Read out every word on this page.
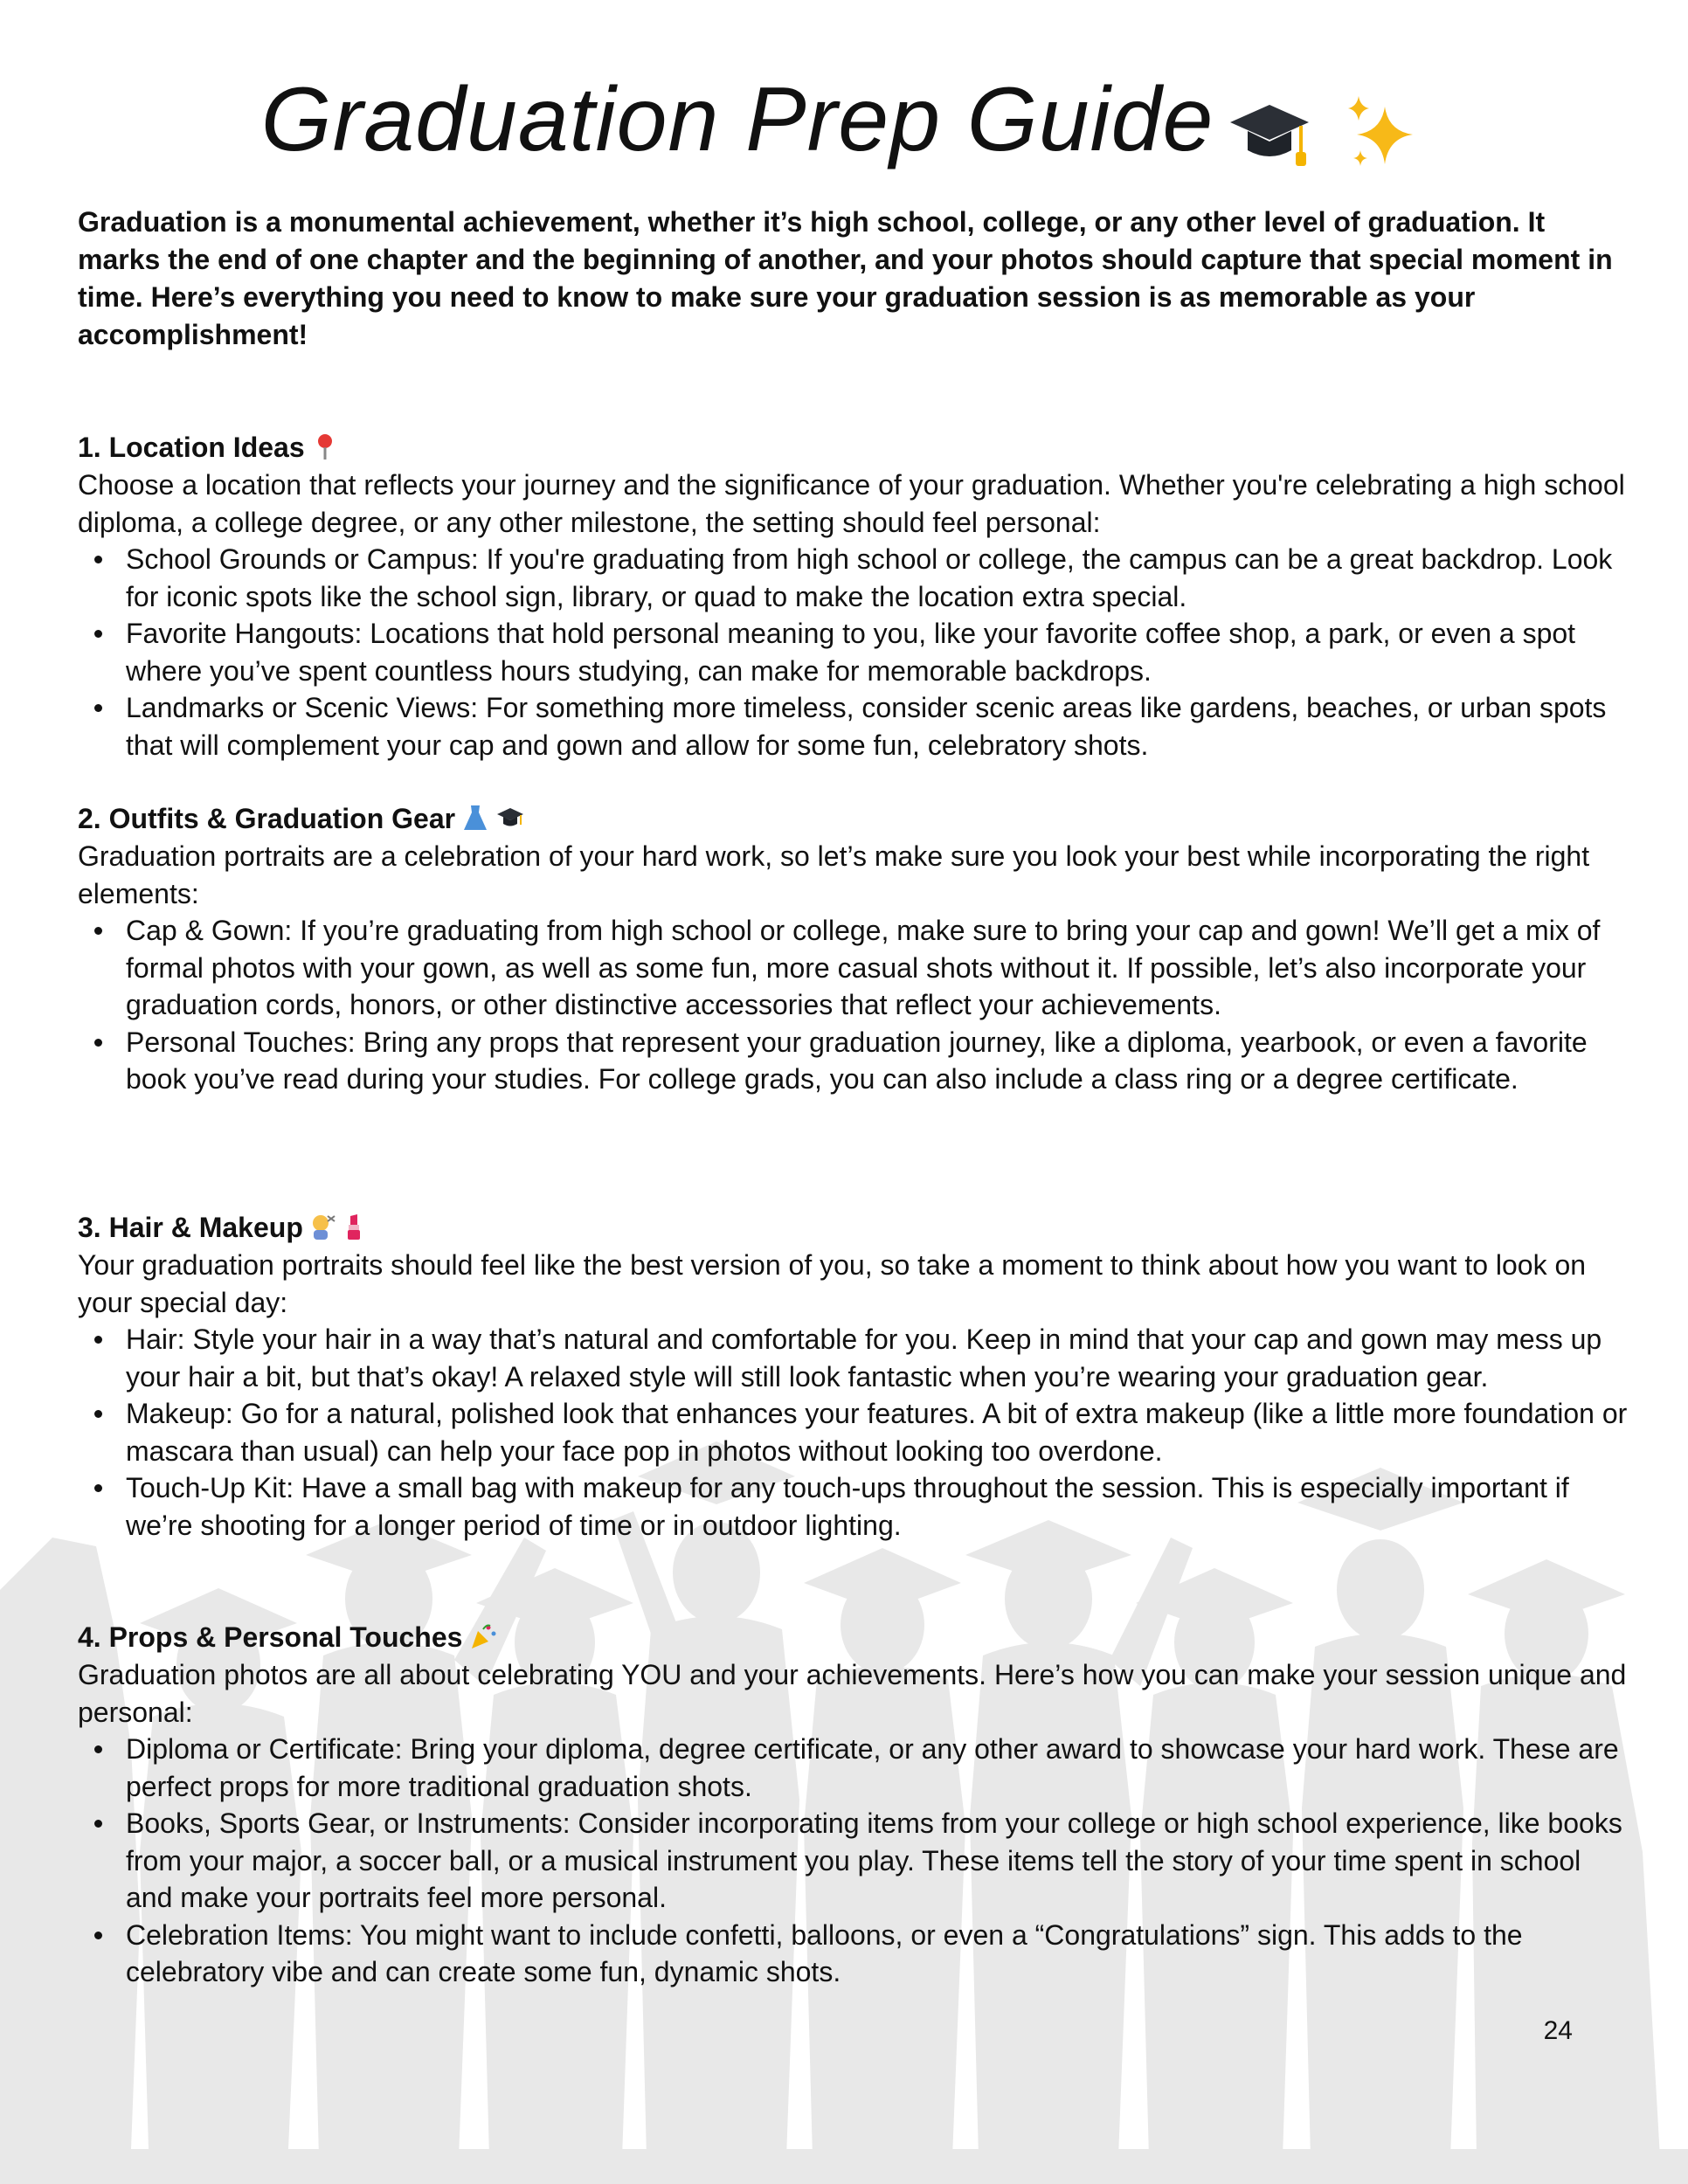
Graduation Prep Guide

Graduation is a monumental achievement, whether it’s high school, college, or any other level of graduation. It marks the end of one chapter and the beginning of another, and your photos should capture that special moment in time. Here’s everything you need to know to make sure your graduation session is as memorable as your accomplishment!

1. Location Ideas

Choose a location that reflects your journey and the significance of your graduation. Whether you're celebrating a high school diploma, a college degree, or any other milestone, the setting should feel personal:

School Grounds or Campus: If you're graduating from high school or college, the campus can be a great backdrop. Look for iconic spots like the school sign, library, or quad to make the location extra special.
Favorite Hangouts: Locations that hold personal meaning to you, like your favorite coffee shop, a park, or even a spot where you’ve spent countless hours studying, can make for memorable backdrops.
Landmarks or Scenic Views: For something more timeless, consider scenic areas like gardens, beaches, or urban spots that will complement your cap and gown and allow for some fun, celebratory shots.
2. Outfits & Graduation Gear

Graduation portraits are a celebration of your hard work, so let’s make sure you look your best while incorporating the right elements:

Cap & Gown: If you’re graduating from high school or college, make sure to bring your cap and gown! We’ll get a mix of formal photos with your gown, as well as some fun, more casual shots without it. If possible, let’s also incorporate your graduation cords, honors, or other distinctive accessories that reflect your achievements.
Personal Touches: Bring any props that represent your graduation journey, like a diploma, yearbook, or even a favorite book you’ve read during your studies. For college grads, you can also include a class ring or a degree certificate.
3. Hair & Makeup

Your graduation portraits should feel like the best version of you, so take a moment to think about how you want to look on your special day:

Hair: Style your hair in a way that’s natural and comfortable for you. Keep in mind that your cap and gown may mess up your hair a bit, but that’s okay! A relaxed style will still look fantastic when you’re wearing your graduation gear.
Makeup: Go for a natural, polished look that enhances your features. A bit of extra makeup (like a little more foundation or mascara than usual) can help your face pop in photos without looking too overdone.
Touch-Up Kit: Have a small bag with makeup for any touch-ups throughout the session. This is especially important if we’re shooting for a longer period of time or in outdoor lighting.
4. Props & Personal Touches

Graduation photos are all about celebrating YOU and your achievements. Here’s how you can make your session unique and personal:

Diploma or Certificate: Bring your diploma, degree certificate, or any other award to showcase your hard work. These are perfect props for more traditional graduation shots.
Books, Sports Gear, or Instruments: Consider incorporating items from your college or high school experience, like books from your major, a soccer ball, or a musical instrument you play. These items tell the story of your time spent in school and make your portraits feel more personal.
Celebration Items: You might want to include confetti, balloons, or even a “Congratulations” sign. This adds to the celebratory vibe and can create some fun, dynamic shots.
24
